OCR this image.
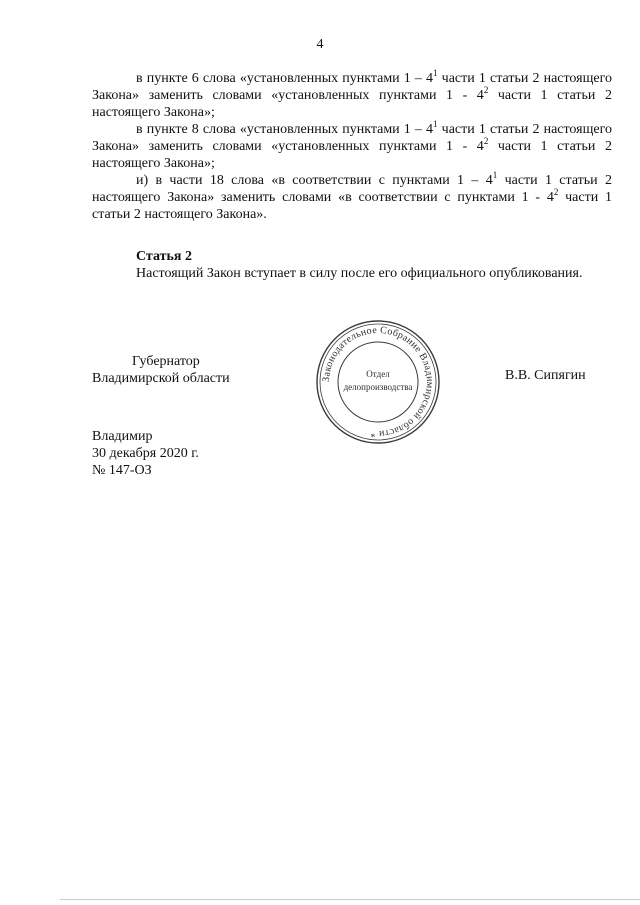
4

в пункте 6 слова «установленных пунктами $1 - 4^1$ части 1 статьи 2 настоящего Закона» заменить словами «установленных пунктами $1 - 4^2$ части 1 статьи 2 настоящего Закона»;

в пункте 8 слова «установленных пунктами $1 - 4^1$ части 1 статьи 2 настоящего Закона» заменить словами «установленных пунктами $1 - 4^2$ части 1 статьи 2 настоящего Закона»;

и) в части 18 слова «в соответствии с пунктами $1 - 4^1$ части 1 статьи 2 настоящего Закона» заменить словами «в соответствии с пунктами $1 - 4^2$ части 1 статьи 2 настоящего Закона».

Статья 2

Настоящий Закон вступает в силу после его официального опубликования.

Губернатор
Владимирской области	Законодательное Собрание Владимирской области *
Отдел
делопроизводства
В.В. Сипягин
Владимир
30 декабря 2020 г.
№ 147-ОЗ
